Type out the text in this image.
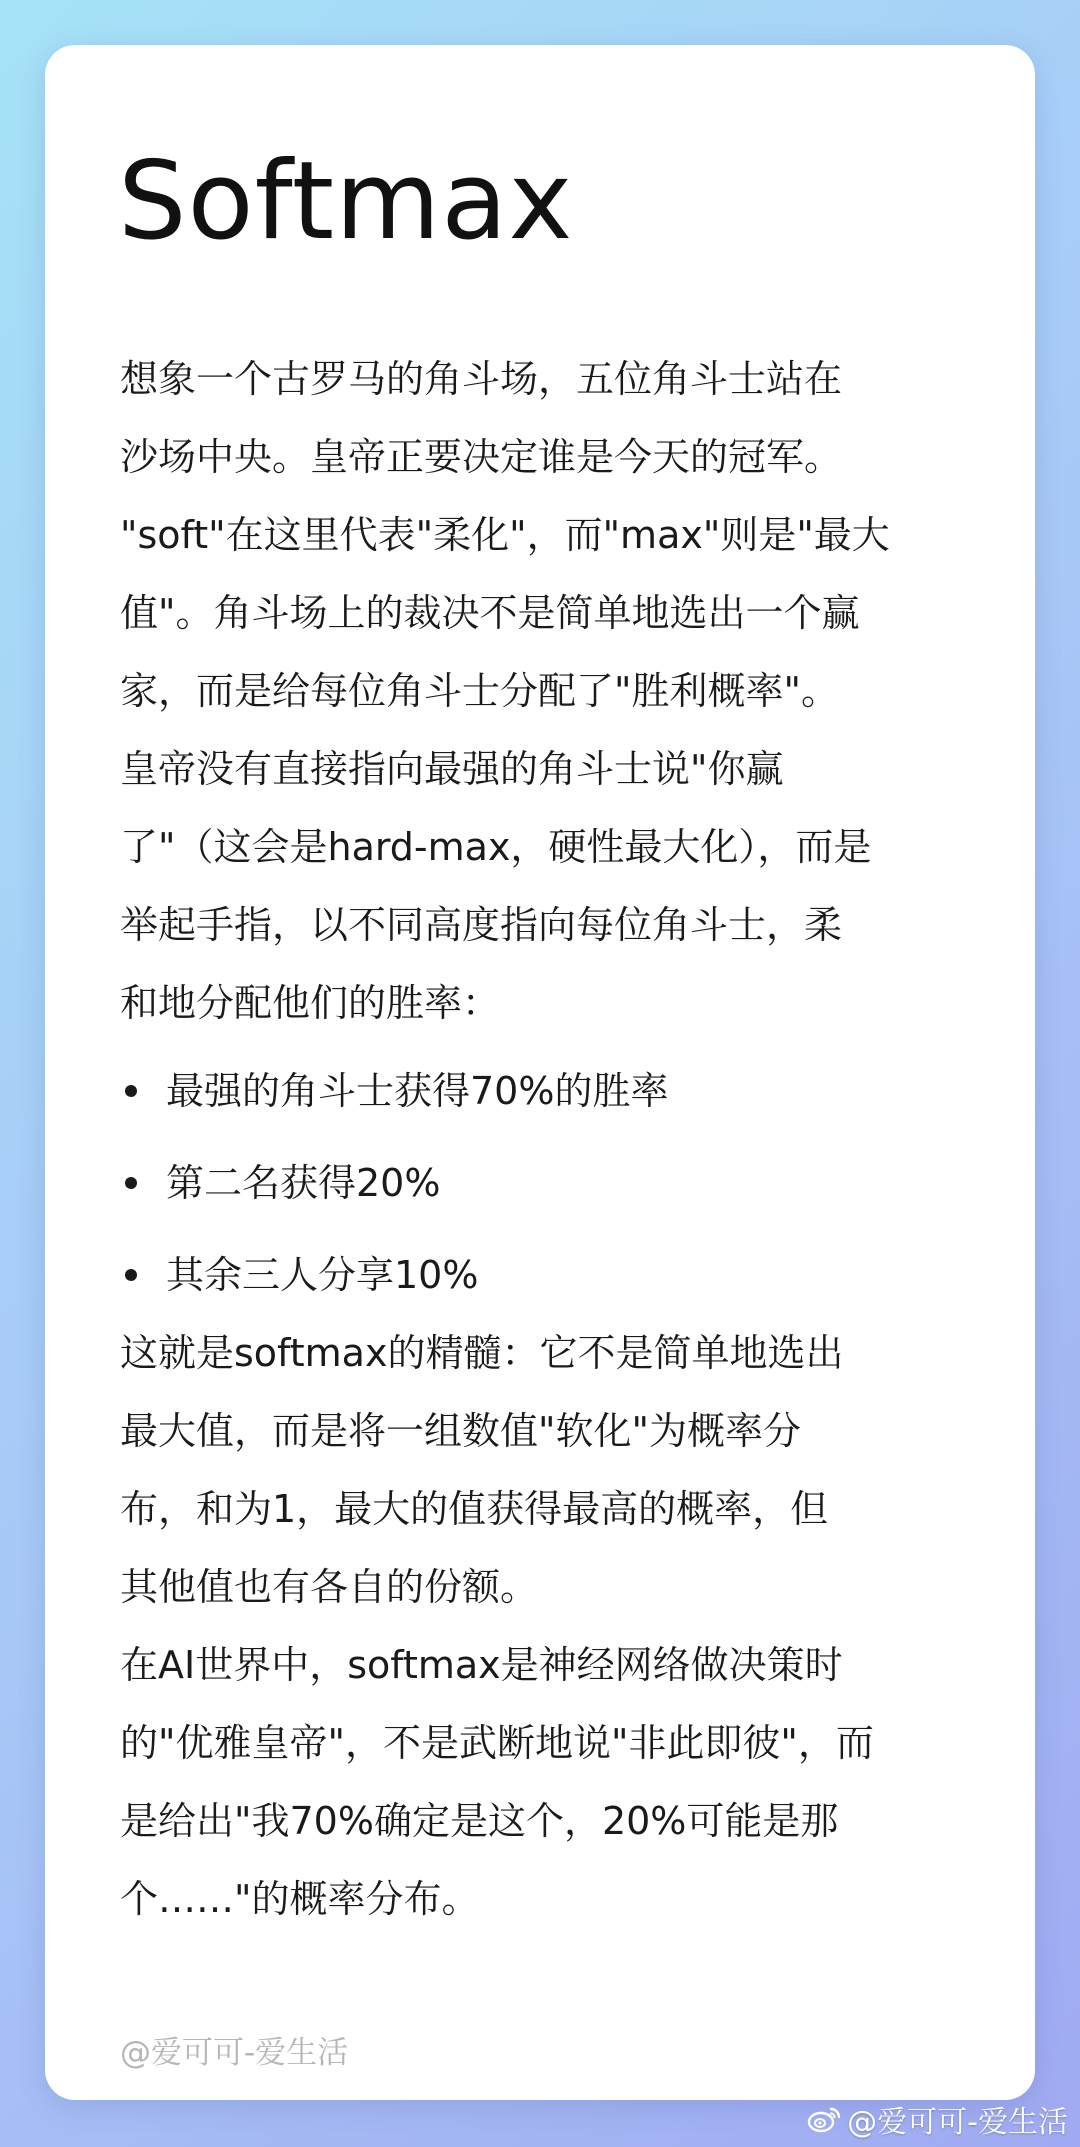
Softmax

想象一个古罗马的角斗场，五位角斗士站在
沙场中央。皇帝正要决定谁是今天的冠军。
"soft"在这里代表"柔化"，而"max"则是"最大
值"。角斗场上的裁决不是简单地选出一个赢
家，而是给每位角斗士分配了"胜利概率"。
皇帝没有直接指向最强的角斗士说"你赢
了"（这会是hard-max，硬性最大化），而是
举起手指，以不同高度指向每位角斗士，柔
和地分配他们的胜率：

最强的角斗士获得70%的胜率
第二名获得20%
其余三人分享10%

这就是softmax的精髓：它不是简单地选出
最大值，而是将一组数值"软化"为概率分
布，和为1，最大的值获得最高的概率，但
其他值也有各自的份额。

在AI世界中，softmax是神经网络做决策时
的"优雅皇帝"，不是武断地说"非此即彼"，而
是给出"我70%确定是这个，20%可能是那
个……"的概率分布。

@爱可可-爱生活
@爱可可-爱生活
